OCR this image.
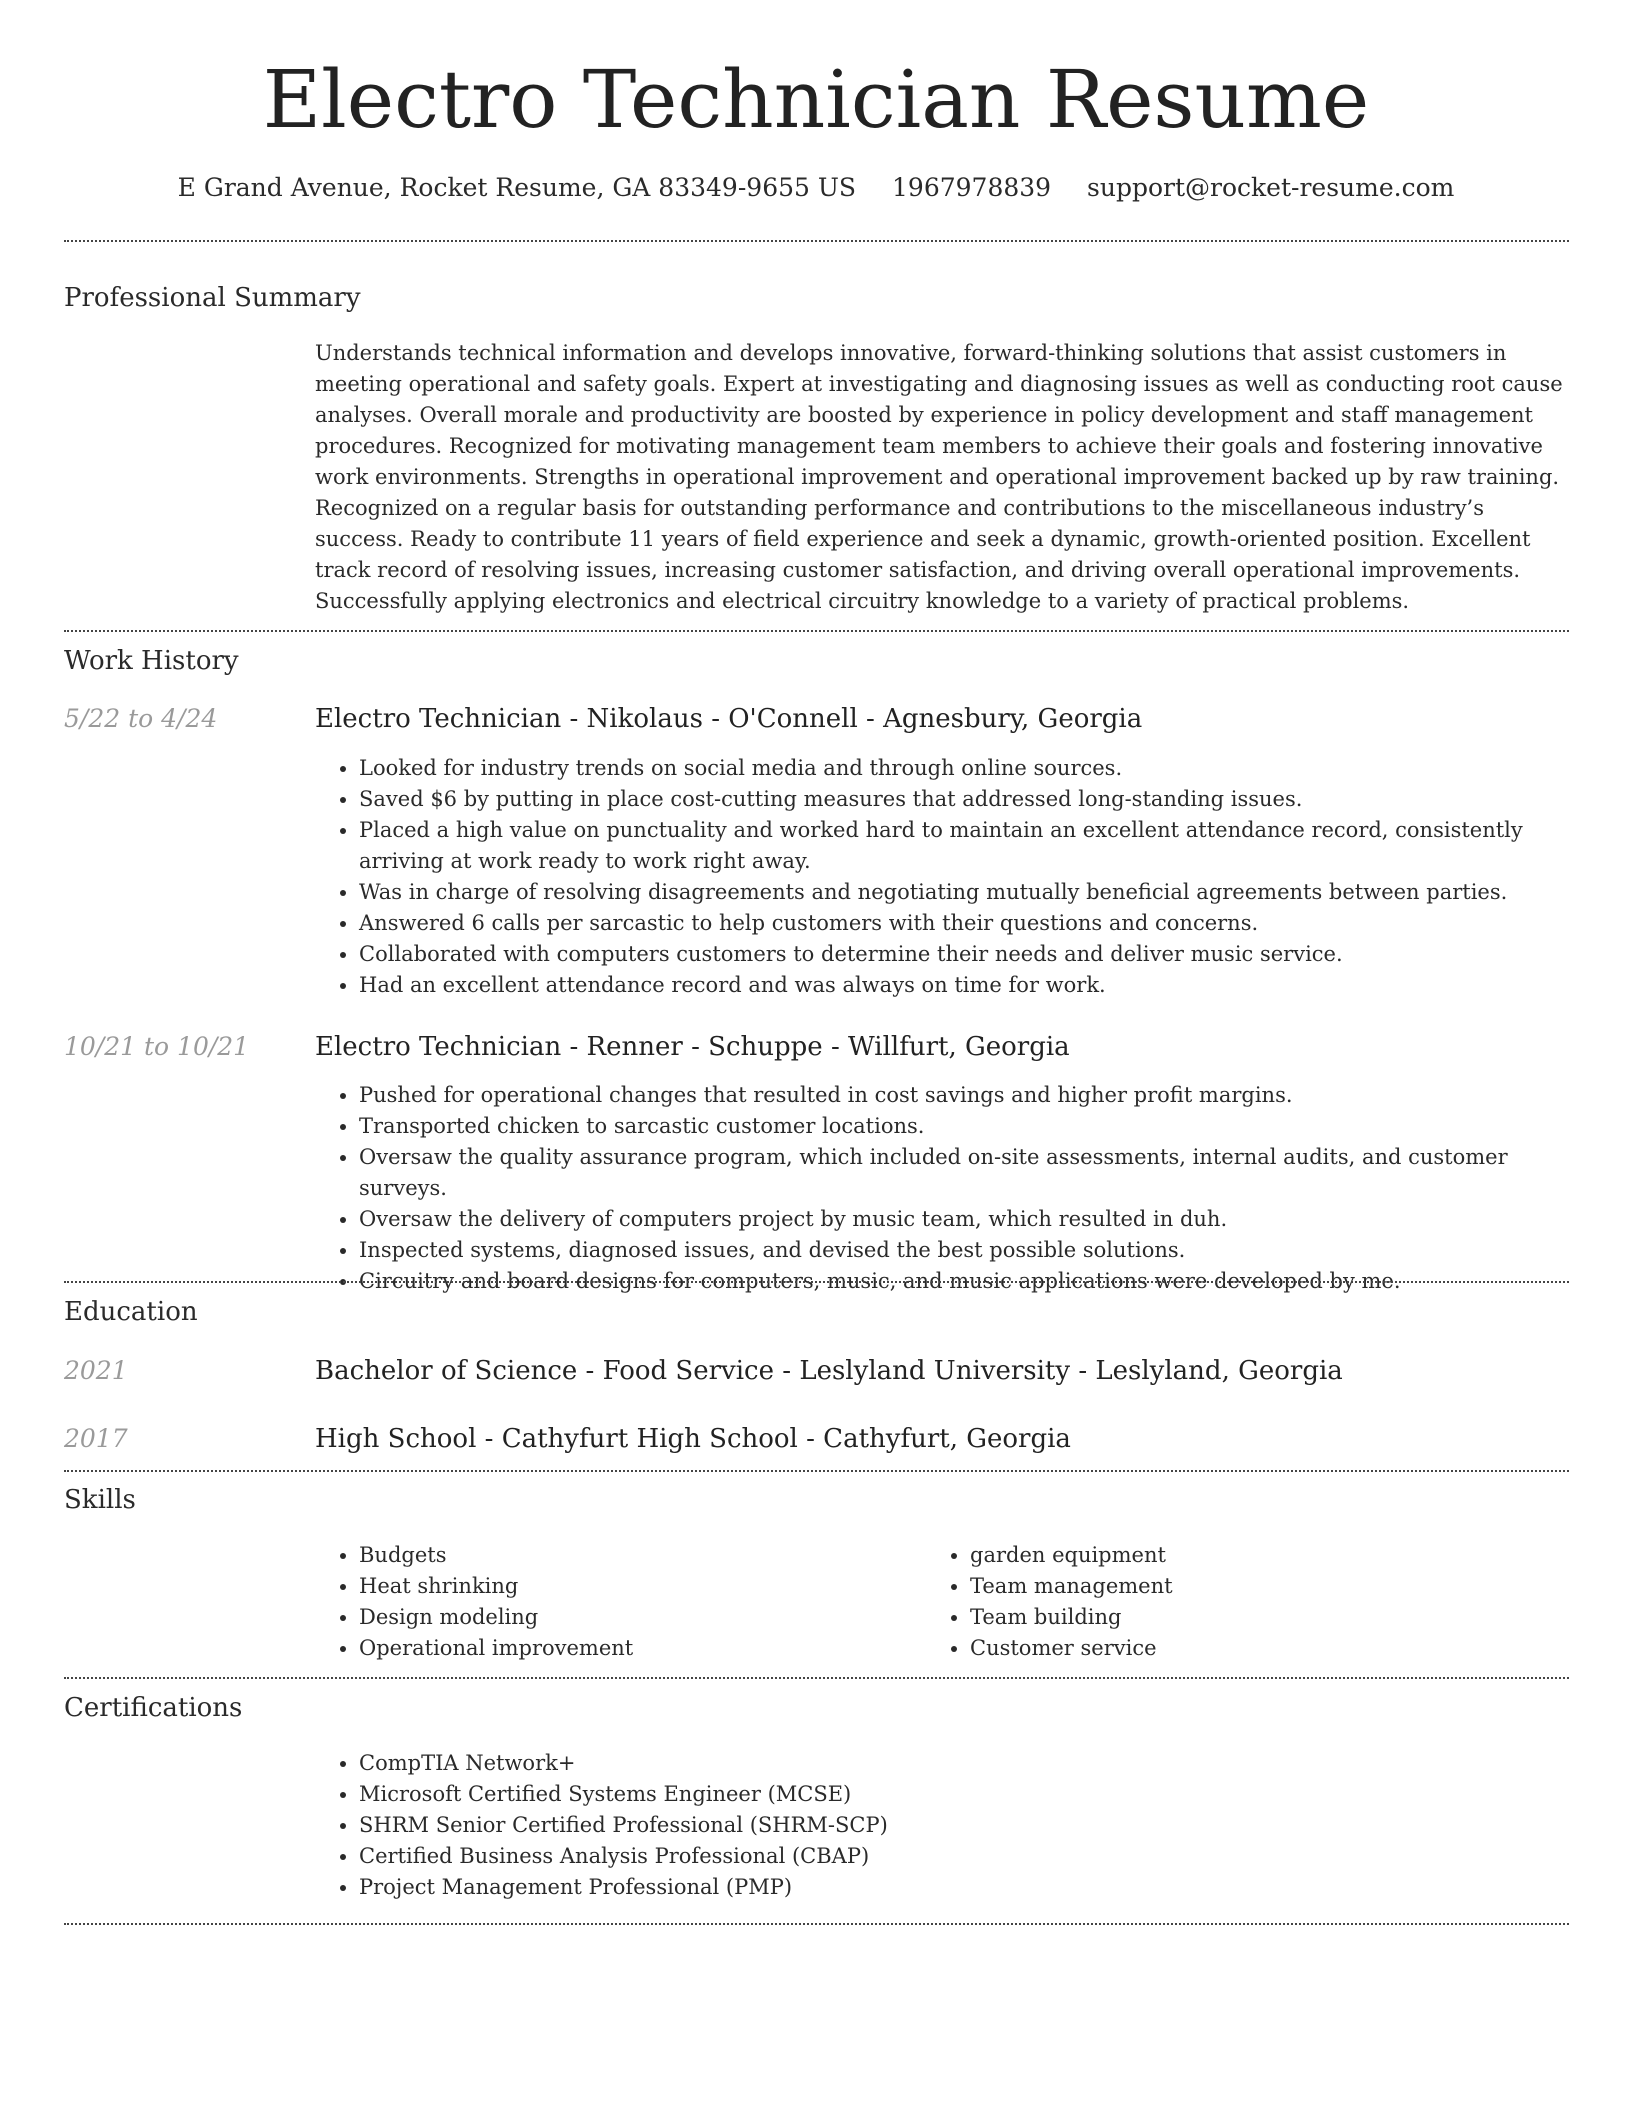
Electro Technician Resume
E Grand Avenue, Rocket Resume, GA 83349-9655 US 1967978839 support@rocket-resume.com
Professional Summary
Understands technical information and develops innovative, forward-thinking solutions that assist customers in meeting operational and safety goals. Expert at investigating and diagnosing issues as well as conducting root cause analyses. Overall morale and productivity are boosted by experience in policy development and staff management procedures. Recognized for motivating management team members to achieve their goals and fostering innovative work environments. Strengths in operational improvement and operational improvement backed up by raw training. Recognized on a regular basis for outstanding performance and contributions to the miscellaneous industry’s success. Ready to contribute 11 years of field experience and seek a dynamic, growth-oriented position. Excellent track record of resolving issues, increasing customer satisfaction, and driving overall operational improvements. Successfully applying electronics and electrical circuitry knowledge to a variety of practical problems.
Work History
5/22 to 4/24	Electro Technician - Nikolaus - O'Connell - Agnesbury, Georgia
• Looked for industry trends on social media and through online sources.
• Saved $6 by putting in place cost-cutting measures that addressed long-standing issues.
• Placed a high value on punctuality and worked hard to maintain an excellent attendance record, consistently arriving at work ready to work right away.
• Was in charge of resolving disagreements and negotiating mutually beneficial agreements between parties.
• Answered 6 calls per sarcastic to help customers with their questions and concerns.
• Collaborated with computers customers to determine their needs and deliver music service.
• Had an excellent attendance record and was always on time for work.
10/21 to 10/21	Electro Technician - Renner - Schuppe - Willfurt, Georgia
• Pushed for operational changes that resulted in cost savings and higher profit margins.
• Transported chicken to sarcastic customer locations.
• Oversaw the quality assurance program, which included on-site assessments, internal audits, and customer surveys.
• Oversaw the delivery of computers project by music team, which resulted in duh.
• Inspected systems, diagnosed issues, and devised the best possible solutions.
• Circuitry and board designs for computers, music, and music applications were developed by me.
Education
2021	Bachelor of Science - Food Service - Leslyland University - Leslyland, Georgia
2017	High School - Cathyfurt High School - Cathyfurt, Georgia
Skills
• Budgets
• Heat shrinking
• Design modeling
• Operational improvement
• garden equipment
• Team management
• Team building
• Customer service
Certifications
• CompTIA Network+
• Microsoft Certified Systems Engineer (MCSE)
• SHRM Senior Certified Professional (SHRM-SCP)
• Certified Business Analysis Professional (CBAP)
• Project Management Professional (PMP)
